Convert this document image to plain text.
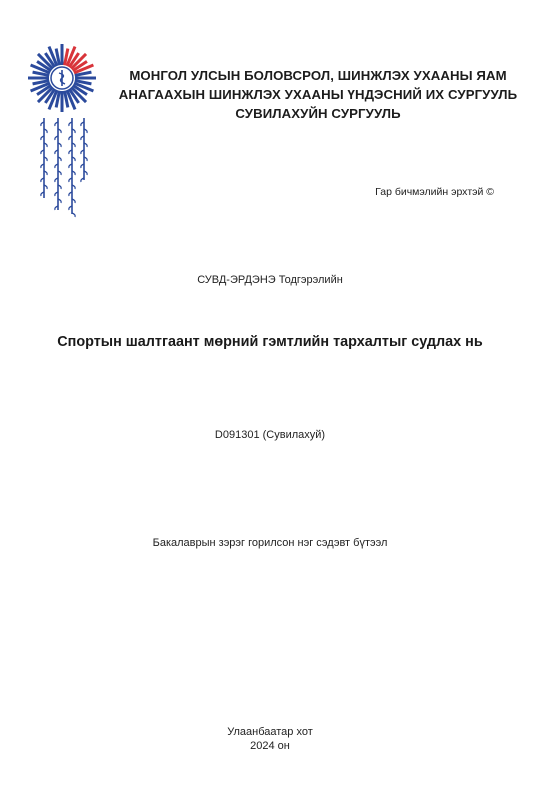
МОНГОЛ УЛСЫН БОЛОВСРОЛ, ШИНЖЛЭХ УХААНЫ ЯАМ
АНАГААХЫН ШИНЖЛЭХ УХААНЫ ҮНДЭСНИЙ ИХ СУРГУУЛЬ
СУВИЛАХУЙН СУРГУУЛЬ
Гар бичмэлийн эрхтэй ©
СУВД-ЭРДЭНЭ Тодгэрэлийн
Спортын шалтгаант мөрний гэмтлийн тархалтыг судлах нь
D091301 (Сувилахуй)
Бакалаврын зэрэг горилсон нэг сэдэвт бүтээл
Улаанбаатар хот
2024 он
